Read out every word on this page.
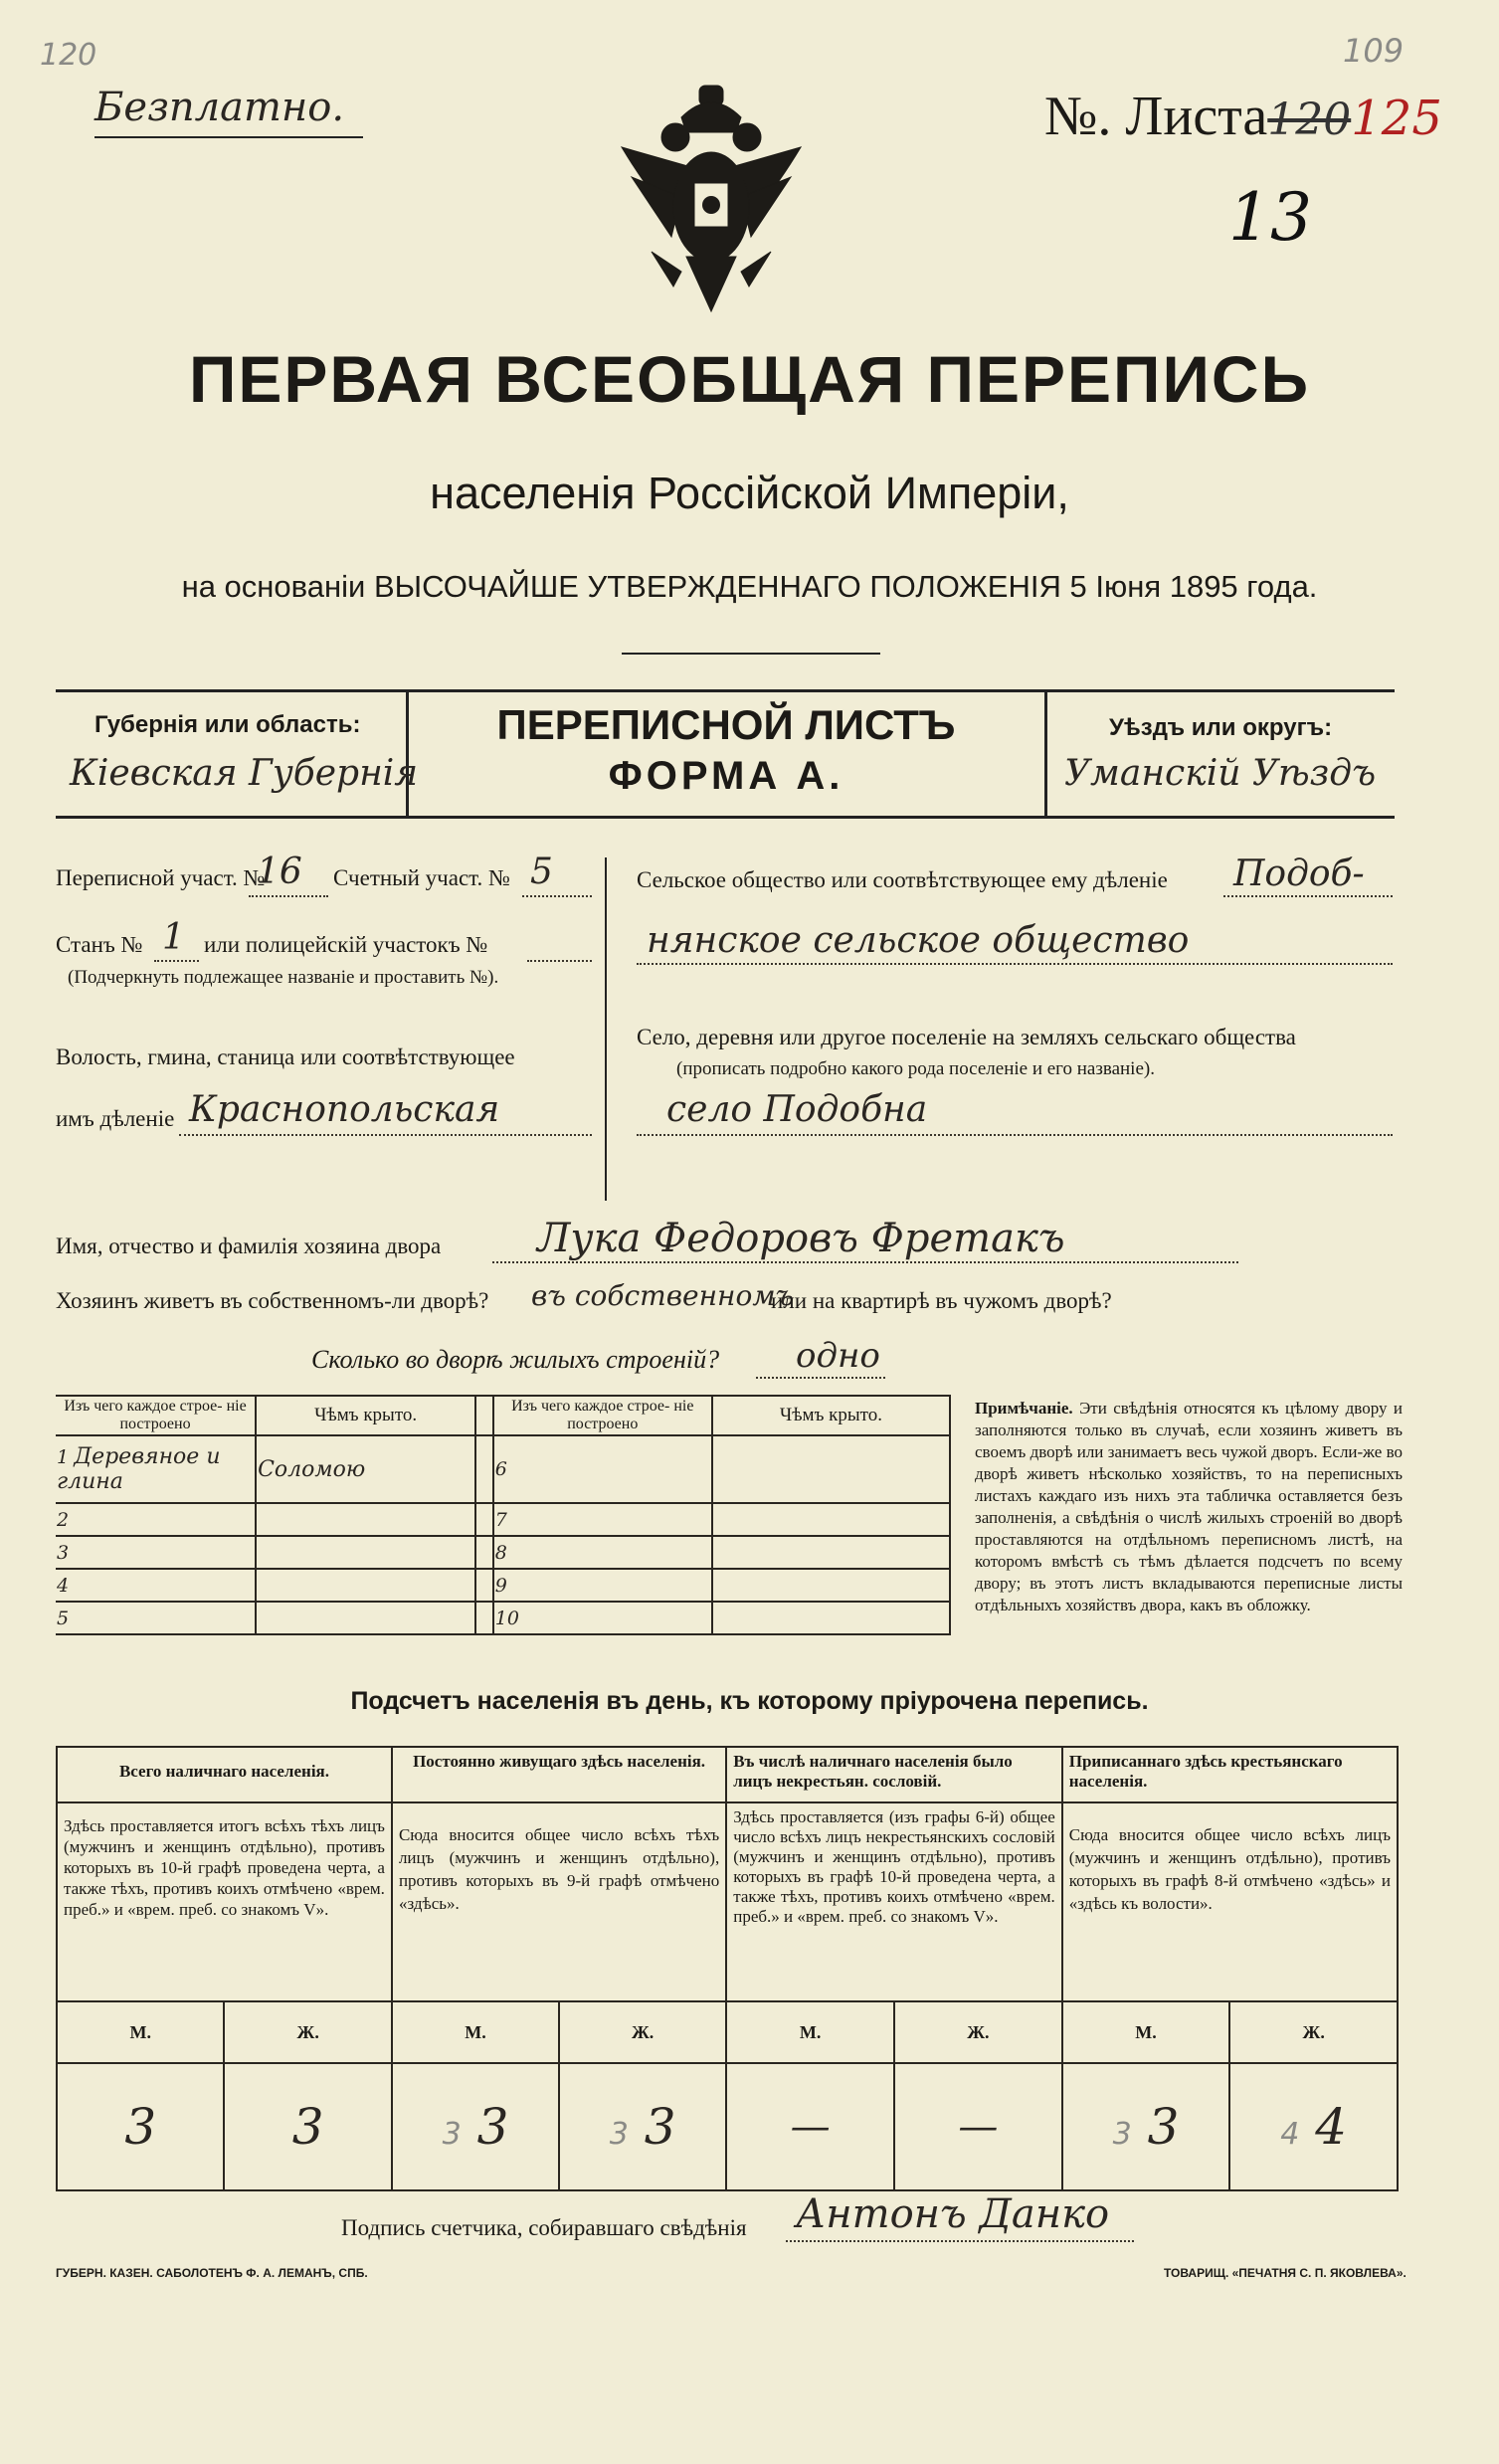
120	109
Безплатно.	№. Листа120125
13
ПЕРВАЯ ВСЕОБЩАЯ ПЕРЕПИСЬ
населенія Россійской Имперіи,
на основаніи ВЫСОЧАЙШЕ УТВЕРЖДЕННАГО ПОЛОЖЕНІЯ 5 Іюня 1895 года.
Губернія или область:
Кіевская Губернія
ПЕРЕПИСНОЙ ЛИСТЪ
ФОРМА А.
Уѣздъ или округъ:
Уманскій Уѣздъ
Переписной участ. №
16 Счетный участ. № 5
Станъ № 1 или полицейскій участокъ №
(Подчеркнуть подлежащее названіе и проставить №).
Волость, гмина, станица или соотвѣтствующее
имъ дѣленіе Краснопольская
Сельское общество или соотвѣтствующее ему дѣленіе Подоб-
нянское сельское общество
Село, деревня или другое поселеніе на земляхъ сельскаго общества
(прописать подробно какого рода поселеніе и его названіе).
село Подобна
Имя, отчество и фамилія хозяина двора Лука Федоровъ Фретакъ
Хозяинъ живетъ въ собственномъ-ли дворѣ? въ собственномъ
или на квартирѣ въ чужомъ дворѣ?
Сколько во дворѣ жилыхъ строеній? одно
Изъ чего каждое строе- ніе построено	Чѣмъ крыто.		Изъ чего каждое строе- ніе построено	Чѣмъ крыто.
1 Деревяное и глина	Соломою		6	
2			7	
3			8	
4			9	
5			10	
Примѣчаніе. Эти свѣдѣнія относятся къ цѣлому двору и заполняются только въ случаѣ, если хозяинъ живетъ въ своемъ дворѣ или занимаетъ весь чужой дворъ. Если-же во дворѣ живетъ нѣсколько хозяйствъ, то на переписныхъ листахъ каждаго изъ нихъ эта табличка оставляется безъ заполненія, а свѣдѣнія о числѣ жилыхъ строеній во дворѣ проставляются на отдѣльномъ переписномъ листѣ, на которомъ вмѣстѣ съ тѣмъ дѣлается подсчетъ по всему двору; въ этотъ листъ вкладываются переписные листы отдѣльныхъ хозяйствъ двора, какъ въ обложку.
Подсчетъ населенія въ день, къ которому пріурочена перепись.
Всего наличнаго населенія.		Постоянно живущаго здѣсь населенія.		Въ числѣ наличнаго населенія было лицъ некрестьян. сословій.		Приписаннаго здѣсь крестьянскаго населенія.	
Здѣсь проставляется итогъ всѣхъ тѣхъ лицъ (мужчинъ и женщинъ отдѣльно), противъ которыхъ въ 10-й графѣ проведена черта, а также тѣхъ, противъ коихъ отмѣчено «врем. преб.» и «врем. преб. со знакомъ V».		Сюда вносится общее число всѣхъ тѣхъ лицъ (мужчинъ и женщинъ отдѣльно), противъ которыхъ въ 9-й графѣ отмѣчено «здѣсь».		Здѣсь проставляется (изъ графы 6-й) общее число всѣхъ лицъ некрестьянскихъ сословій (мужчинъ и женщинъ отдѣльно), противъ которыхъ въ графѣ 10-й проведена черта, а также тѣхъ, противъ коихъ отмѣчено «врем. преб.» и «врем. преб. со знакомъ V».		Сюда вносится общее число всѣхъ лицъ (мужчинъ и женщинъ отдѣльно), противъ которыхъ въ графѣ 8-й отмѣчено «здѣсь» и «здѣсь къ волости».	
М.	Ж.	М.	Ж.	М.	Ж.	М.	Ж.
3	3	3 3	3 3	—	—	3 3	4 4
Подпись счетчика, собиравшаго свѣдѣнія Антонъ Данко
ГУБЕРН. КАЗЕН. САБОЛОТЕНЪ Ф. А. ЛЕМАНЪ, СПБ.	ТОВАРИЩ. «ПЕЧАТНЯ С. П. ЯКОВЛЕВА».
